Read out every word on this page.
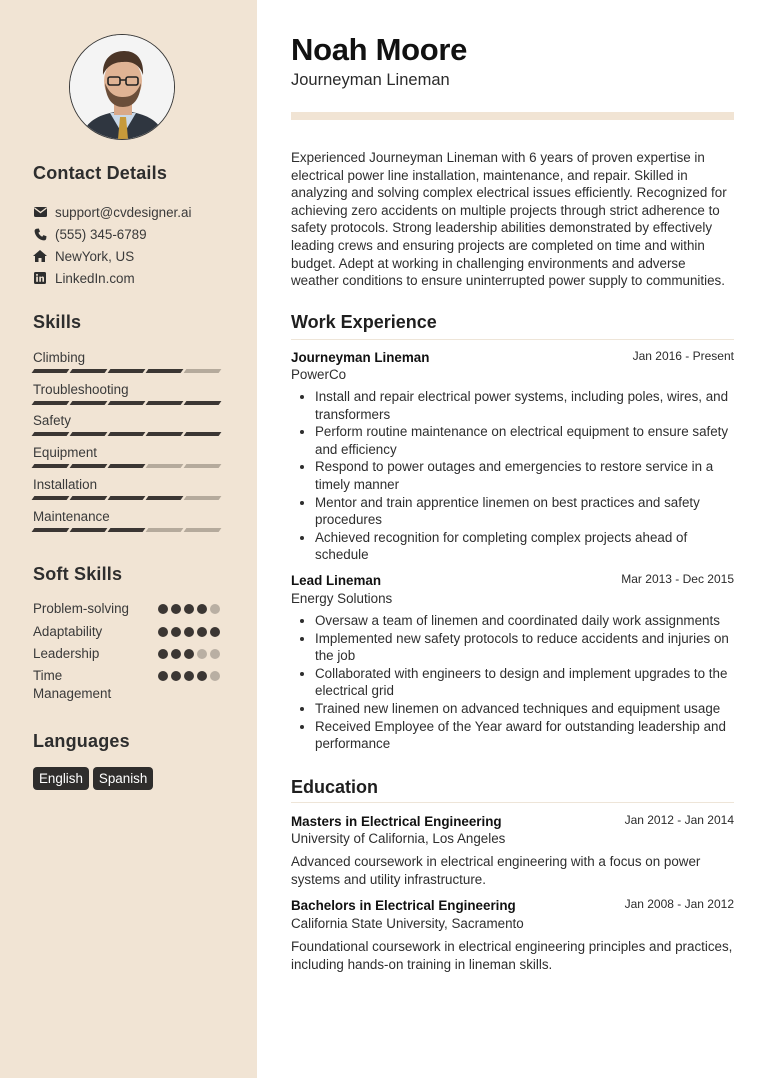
Contact Details
support@cvdesigner.ai
(555) 345-6789
NewYork, US
LinkedIn.com
Skills
Climbing
Troubleshooting
Safety
Equipment
Installation
Maintenance
Soft Skills
Problem-solving
Adaptability
Leadership
Time Management
Languages
English	Spanish
Noah Moore
Journeyman Lineman

Experienced Journeyman Lineman with 6 years of proven expertise in electrical power line installation, maintenance, and repair. Skilled in analyzing and solving complex electrical issues efficiently. Recognized for achieving zero accidents on multiple projects through strict adherence to safety protocols. Strong leadership abilities demonstrated by effectively leading crews and ensuring projects are completed on time and within budget. Adept at working in challenging environments and adverse weather conditions to ensure uninterrupted power supply to communities.

Work Experience
Journeyman Lineman	Jan 2016 - Present
PowerCo
Install and repair electrical power systems, including poles, wires, and transformers
Perform routine maintenance on electrical equipment to ensure safety and efficiency
Respond to power outages and emergencies to restore service in a timely manner
Mentor and train apprentice linemen on best practices and safety procedures
Achieved recognition for completing complex projects ahead of schedule
Lead Lineman	Mar 2013 - Dec 2015
Energy Solutions
Oversaw a team of linemen and coordinated daily work assignments
Implemented new safety protocols to reduce accidents and injuries on the job
Collaborated with engineers to design and implement upgrades to the electrical grid
Trained new linemen on advanced techniques and equipment usage
Received Employee of the Year award for outstanding leadership and performance
Education
Masters in Electrical Engineering	Jan 2012 - Jan 2014
University of California, Los Angeles

Advanced coursework in electrical engineering with a focus on power systems and utility infrastructure.

Bachelors in Electrical Engineering	Jan 2008 - Jan 2012
California State University, Sacramento

Foundational coursework in electrical engineering principles and practices, including hands-on training in lineman skills.
